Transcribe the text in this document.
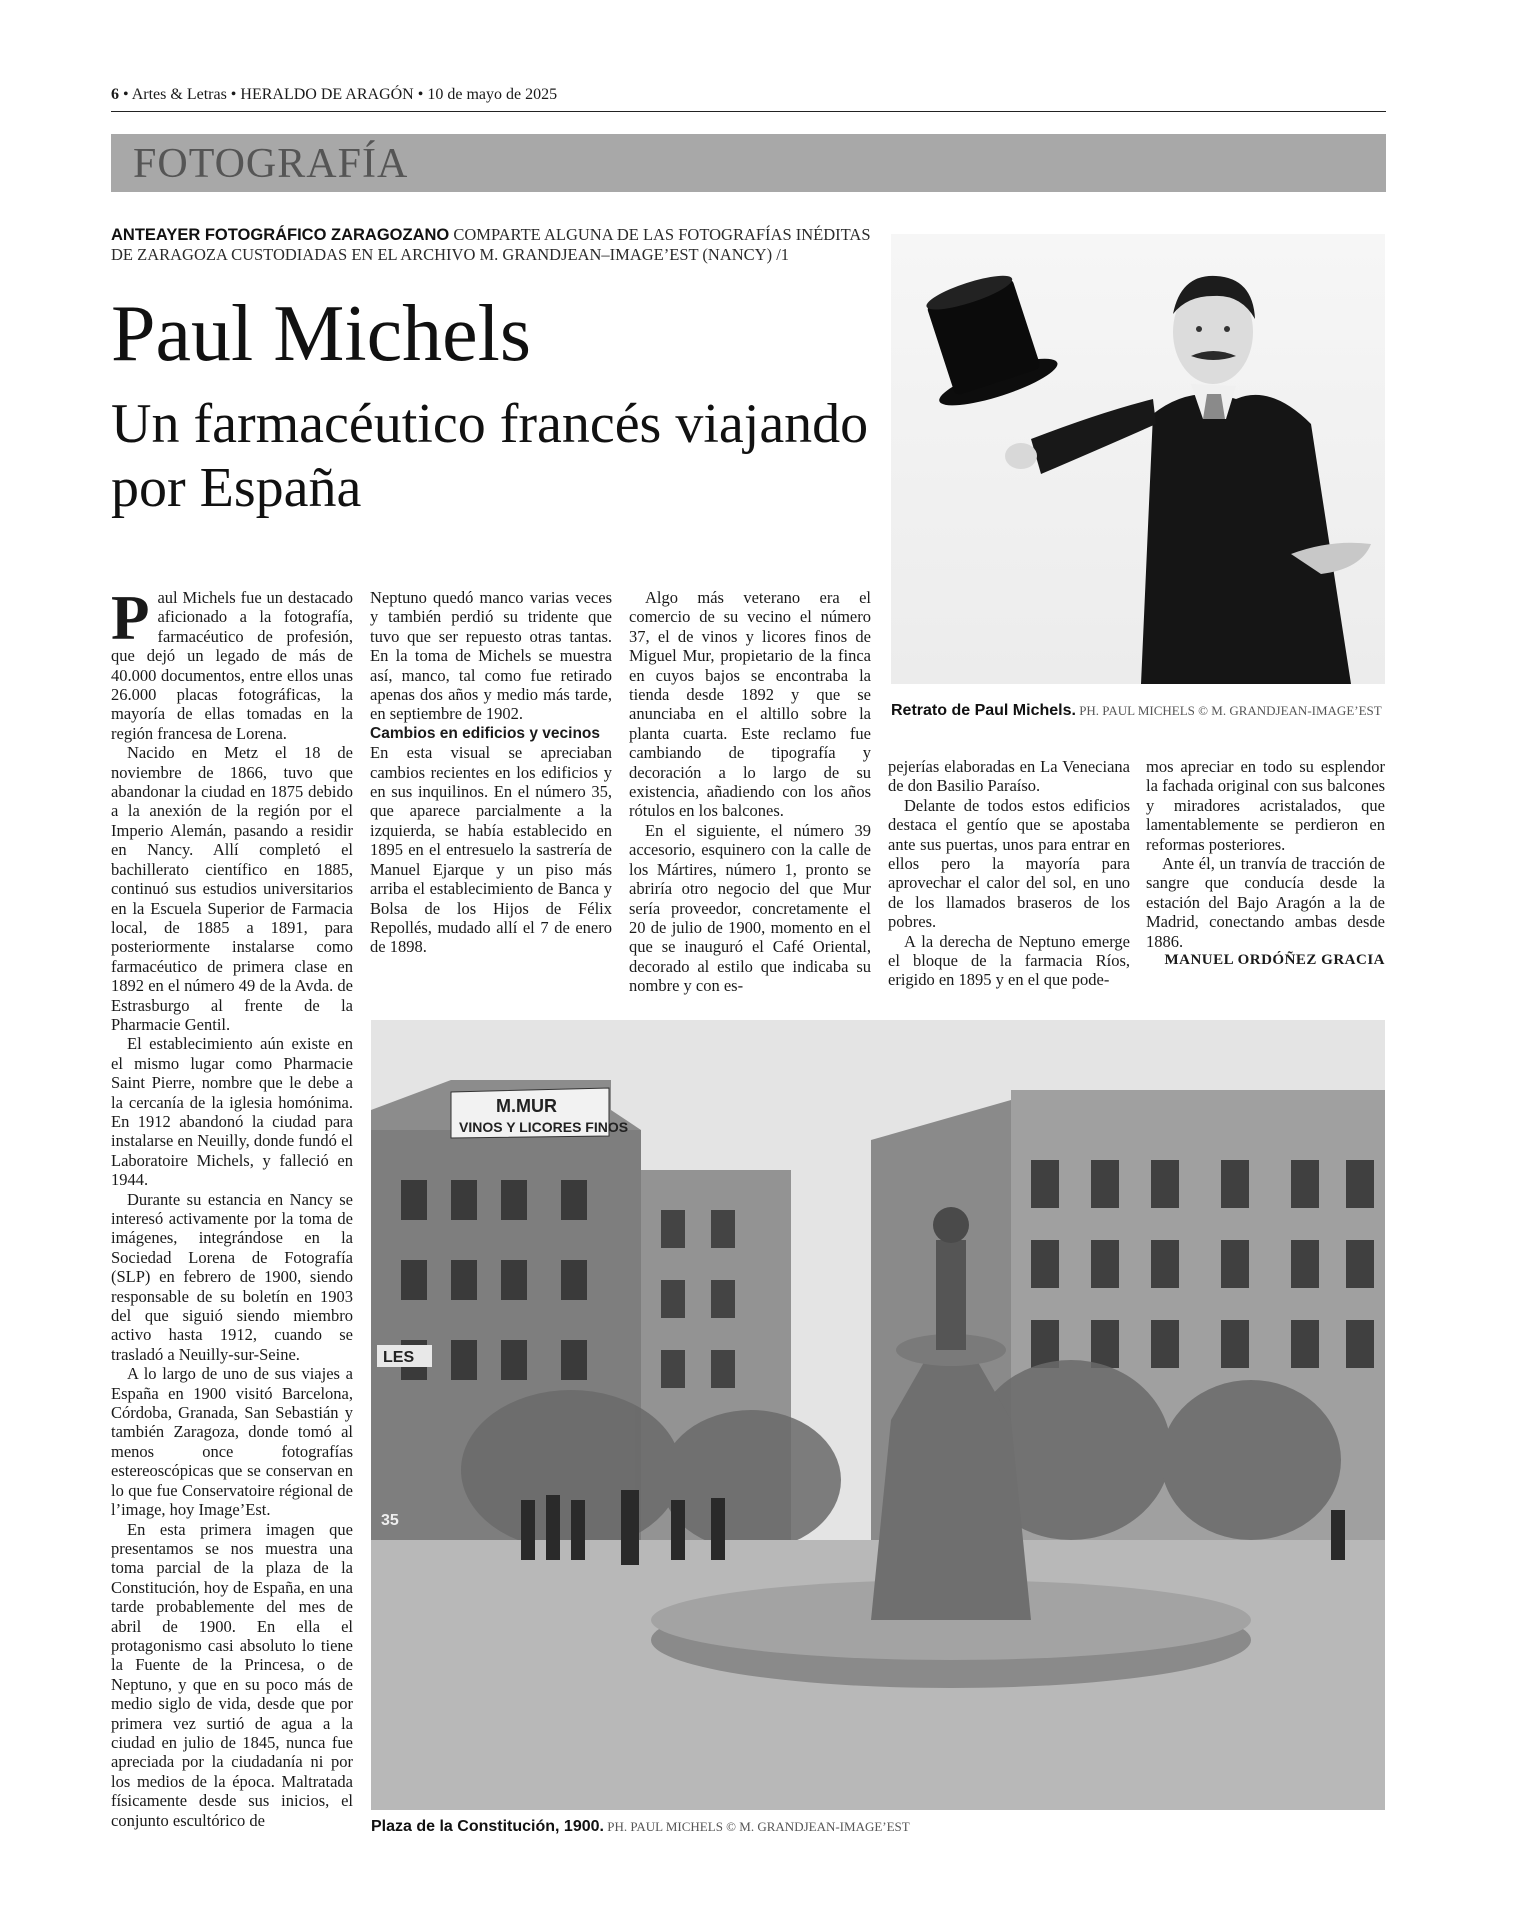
6 • Artes & Letras • HERALDO DE ARAGÓN • 10 de mayo de 2025
FOTOGRAFÍA
ANTEAYER FOTOGRÁFICO ZARAGOZANO COMPARTE ALGUNA DE LAS FOTOGRAFÍAS INÉDITAS DE ZARAGOZA CUSTODIADAS EN EL ARCHIVO M. GRANDJEAN–IMAGE’EST (NANCY) /1
Paul Michels
Un farmacéutico francés viajando por España
Retrato de Paul Michels. PH. PAUL MICHELS © M. GRANDJEAN-IMAGE’EST

Paul Michels fue un destacado aficionado a la fotografía, farmacéutico de profesión, que dejó un legado de más de 40.000 documentos, entre ellos unas 26.000 placas fotográficas, la mayoría de ellas tomadas en la región francesa de Lorena.

Nacido en Metz el 18 de noviembre de 1866, tuvo que abandonar la ciudad en 1875 debido a la anexión de la región por el Imperio Alemán, pasando a residir en Nancy. Allí completó el bachillerato científico en 1885, continuó sus estudios universitarios en la Escuela Superior de Farmacia local, de 1885 a 1891, para posteriormente instalarse como farmacéutico de primera clase en 1892 en el número 49 de la Avda. de Estrasburgo al frente de la Pharmacie Gentil.

El establecimiento aún existe en el mismo lugar como Pharmacie Saint Pierre, nombre que le debe a la cercanía de la iglesia homónima. En 1912 abandonó la ciudad para instalarse en Neuilly, donde fundó el Laboratoire Michels, y falleció en 1944.

Durante su estancia en Nancy se interesó activamente por la toma de imágenes, integrándose en la Sociedad Lorena de Fotografía (SLP) en febrero de 1900, siendo responsable de su boletín en 1903 del que siguió siendo miembro activo hasta 1912, cuando se trasladó a Neuilly-sur-Seine.

A lo largo de uno de sus viajes a España en 1900 visitó Barcelona, Córdoba, Granada, San Sebastián y también Zaragoza, donde tomó al menos once fotografías estereoscópicas que se conservan en lo que fue Conservatoire régional de l’image, hoy Image’Est.

En esta primera imagen que presentamos se nos muestra una toma parcial de la plaza de la Constitución, hoy de España, en una tarde probablemente del mes de abril de 1900. En ella el protagonismo casi absoluto lo tiene la Fuente de la Princesa, o de Neptuno, y que en su poco más de medio siglo de vida, desde que por primera vez surtió de agua a la ciudad en julio de 1845, nunca fue apreciada por la ciudadanía ni por los medios de la época. Maltratada físicamente desde sus inicios, el conjunto escultórico de

Neptuno quedó manco varias veces y también perdió su tridente que tuvo que ser repuesto otras tantas. En la toma de Michels se muestra así, manco, tal como fue retirado apenas dos años y medio más tarde, en septiembre de 1902.

Cambios en edificios y vecinos

En esta visual se apreciaban cambios recientes en los edificios y en sus inquilinos. En el número 35, que aparece parcialmente a la izquierda, se había establecido en 1895 en el entresuelo la sastrería de Manuel Ejarque y un piso más arriba el establecimiento de Banca y Bolsa de los Hijos de Félix Repollés, mudado allí el 7 de enero de 1898.

Algo más veterano era el comercio de su vecino el número 37, el de vinos y licores finos de Miguel Mur, propietario de la finca en cuyos bajos se encontraba la tienda desde 1892 y que se anunciaba en el altillo sobre la planta cuarta. Este reclamo fue cambiando de tipografía y decoración a lo largo de su existencia, añadiendo con los años rótulos en los balcones.

En el siguiente, el número 39 accesorio, esquinero con la calle de los Mártires, número 1, pronto se abriría otro negocio del que Mur sería proveedor, concretamente el 20 de julio de 1900, momento en el que se inauguró el Café Oriental, decorado al estilo que indicaba su nombre y con es-

pejerías elaboradas en La Veneciana de don Basilio Paraíso.

Delante de todos estos edificios destaca el gentío que se apostaba ante sus puertas, unos para entrar en ellos pero la mayoría para aprovechar el calor del sol, en uno de los llamados braseros de los pobres.

A la derecha de Neptuno emerge el bloque de la farmacia Ríos, erigido en 1895 y en el que pode-

mos apreciar en todo su esplendor la fachada original con sus balcones y miradores acristalados, que lamentablemente se perdieron en reformas posteriores.

Ante él, un tranvía de tracción de sangre que conducía desde la estación del Bajo Aragón a la de Madrid, conectando ambas desde 1886.

MANUEL ORDÓÑEZ GRACIA

M.MUR
VINOS Y LICORES FINOS
LES
35
Plaza de la Constitución, 1900. PH. PAUL MICHELS © M. GRANDJEAN-IMAGE’EST
